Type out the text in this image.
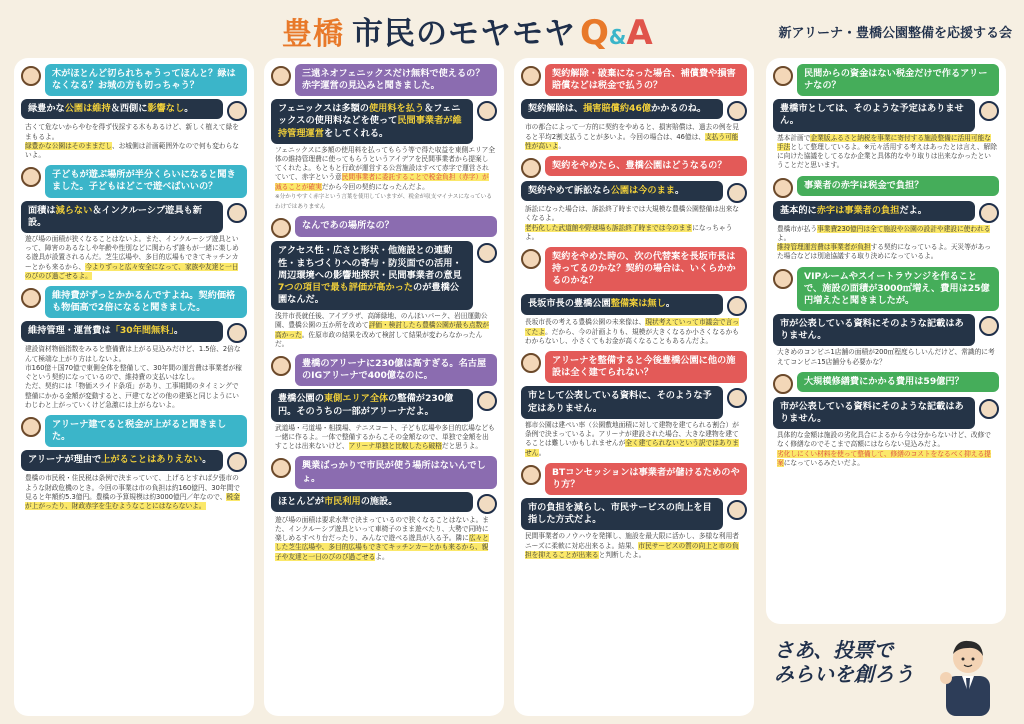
豊橋 市民のモヤモヤ Q & A	新アリーナ・豊橋公園整備を応援する会
木がほとんど切られちゃうってほんと？緑はなくなる？お城の方も切っちゃう？
緑豊かな公園は維持＆西側に影響なし。
古くて危ないからやむを得ず伐採する木もあるけど、新しく植えて緑をまもるよ。
緑豊かな公園はそのままだし、お城側は計画範囲外なので何も変わらないよ。
子どもが遊ぶ場所が半分くらいになると聞きました。子どもはどこで遊べばいいの？
面積は減らない＆インクルーシブ遊具も新設。
遊び場の面積が狭くなることはないよ。また、インクルーシブ遊具といって、障害のあるなしや年齢や性別などに関わらず誰もが一緒に楽しめる遊具が設置されるんだ。芝生広場や、多目的広場もできてキッチンカーとかも来るから、今よりずっと広々安全になって、家族や友達と一日のびのび過ごせるよ。
維持費がずっとかかるんですよね。契約価格も物価高で2倍になると聞きました。
維持管理・運営費は「30年間無料」。
建設資材物価指数をみると整備費は上がる見込みだけど、1.5倍、2倍なんて極端な上がり方はしないよ。
市160億＋国70億で東側全体を整備して、30年間の運営費は事業者が稼ぐという契約になっているので、維持費の支払いはなし。
ただ、契約には「物価スライド条項」があり、工事期間のタイミングで整備にかかる金額が変動すると、戸建てなどの他の建築と同じようにいわじわと上がっていくけど急激には上がらないよ。
アリーナ建てると税金が上がると聞きました。
アリーナが理由で上がることはありえない。
豊橋の市民税・住民税は条例で決まっていて、上げるとすれば夕張市のような財政危機のとき。今回の事業は市の負担は約160億円、30年間で見ると年額約5.3億円。豊橋の予算規模は約3000億円／年なので、税金が上がったり、財政赤字を生むようなことにはならないよ。
三遠ネオフェニックスだけ無料で使えるの？赤字運営の見込みと聞きました。
フェニックスは多額の使用料を払う＆フェニックスの使用料などを使って民間事業者が維持管理運営をしてくれる。
フェニックスに多額の使用料を払ってもらう等で得た収益を東側エリア全体の維持管理費に使ってもらうというアイデアを民間事業者から提案してくれたよ。もともと行政が運営する公営施設はすべて赤字で運営されていて、赤字という意民間事業者に委託することで税金負担（赤字）が減ることが確実だから今回の契約になったんだよ。
※分かりやすく赤字という言葉を使用していますが、税金が収支マイナスになっているわけではありません
なんであの場所なの？
アクセス性・広さと形状・他施設との連動性・まちづくりへの寄与・防災面での活用・周辺環境への影響地探択・民間事業者の意見7つの項目で最も評価が高かったのが豊橋公園なんだ。
浅井市長就任後、アイプラザ、高師緑地、のんほいパーク、岩田運動公園、豊橋公園の五か所を改めて評価・検討したら豊橋公園が最も点数が高かった。佐原市政の結果を改めて検討して結果が変わらなかったんだ。
豊橋のアリーナに230億は高すぎる。名古屋のIGアリーナで400億なのに。
豊橋公園の東側エリア全体の整備が230億円。そのうちの一部がアリーナだよ。
武道場・弓道場・相撲場、テニスコート、子ども広場や多目的広場なども一緒に作るよ。一体で整備するからこその金額なので、単独で金額を出すことは出来ないけど、アリーナ単独と比較したら破格だと思うよ。
興業ばっかりで市民が使う場所はないんでしょ。
ほとんどが市民利用の施設。
遊び場の面積は要求水準で決まっているので狭くなることはないよ。また、インクルーシブ遊具といって車椅子のまま遊べたり、大勢で同時に楽しめるすべり台だったり、みんなで遊べる遊具が入る予。隣に広々とした芝生広場や、多目的広場もできてキッチンカーとかも来るから、親子や友達と一日のびのび過ごせるよ。
契約解除・破棄になった場合、補償費や損害賠償などは税金で払うの？
契約解除は、損害賠償約46億かかるのね。
市の都合によって一方的に契約をやめると、損害賠償は、過去の例を見ると平均2割支払うことが多いよ。今回の場合は、46億は、支払う可能性が高いよ。
契約をやめたら、豊橋公園はどうなるの？
契約やめて訴訟なら公園は今のまま。
訴訟になった場合は、訴訟終了時までは大規模な豊橋公園整備は出来なくなるよ。
老朽化した武道館や野球場も訴訟終了時までは今のままになっちゃうよ。
契約をやめた時の、次の代替案を長坂市長は持ってるのかな？契約の場合は、いくらかかるのかな？
長坂市長の豊橋公園整備案は無し。
長坂市長の考える豊橋公園の未来像は、現状考えていって市議会で言ってたよ。だから、今の計画よりも、規模が大きくなるか小さくなるかもわからないし、小さくてもお金が高くなることもあるんだよ。
アリーナを整備すると今後豊橋公園に他の施設は全く建てられない？
市として公表している資料に、そのような予定はありません。
都市公園は建ぺい率（公園敷地面積に対して建物を建てられる割合）が条例で決まっているよ。アリーナが建設された場合、大きな建物を建てることは難しいかもしれませんが全く建てられないという訳ではありません。
BTコンセッションは事業者が儲けるためのやり方？
市の負担を減らし、市民サービスの向上を目指した方式だよ。
民間事業者のノウハウを発揮し、施設を最大限に活かし、多様な利用者ニーズに柔軟に対応出来るよ。結果、市民サービスの質の向上と市の負担を抑えることが出来ると判断したよ。
民間からの資金はない税金だけで作るアリーナなの？
豊橋市としては、そのような予定はありません。
基本計画で企業版ふるさと納税を事業に寄付する施設整備に活用可能な手法として整理しているよ。※元々活用する考えはあったとは言え、解除に向けた協議をしてるなか企業と具体的なやり取りは出来なかったということだと思います。
事業者の赤字は税金で負担？
基本的に赤字は事業者の負担だよ。
豊橋市が払う事業費230億円は全て施設や公園の設計や建設に使われるよ。
維持管理運営費は事業者が負担する契約になっているよ。天災等があった場合などは別途協議する取り決めになっているよ。
VIPルームやスイートラウンジを作ることで、施設の面積が3000㎡増え、費用は25億円増えたと聞きましたが。
市が公表している資料にそのような記載はありません。
大きめのコンビニ1店舗の面積が200㎡程度らしいんだけど、常識的に考えてコンビニ15店舗分も必要かな？
大規模修繕費にかかる費用は59億円？
市が公表している資料にそのような記載はありません。
具体的な金額は施設の劣化具合によるから今は分からないけど、改修でなく修繕なのでそこまで高額にはならない見込みだよ。
劣化しにくい材料を使って整備して、修繕のコストをなるべく抑える提案になっているみたいだよ。
さあ、投票で
みらいを創ろう
